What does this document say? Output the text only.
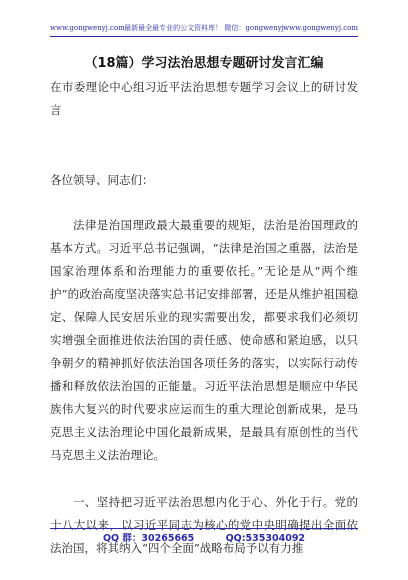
www.gongwenyj.com 最新最全最专业的公文资料库！ 微信：gongwenyj www.gongwenyj.com
（18篇）学习法治思想专题研讨发言汇编

在市委理论中心组习近平法治思想专题学习会议上的研讨发言

各位领导、同志们：

法律是治国理政最大最重要的规矩，法治是治国理政的基本方式。习近平总书记强调，“法律是治国之重器，法治是国家治理体系和治理能力的重要依托。”无论是从“两个维护”的政治高度坚决落实总书记安排部署，还是从维护祖国稳定、保障人民安居乐业的现实需要出发，都要求我们必须切实增强全面推进依法治国的责任感、使命感和紧迫感，以只争朝夕的精神抓好依法治国各项任务的落实，以实际行动传播和释放依法治国的正能量。习近平法治思想是顺应中华民族伟大复兴的时代要求应运而生的重大理论创新成果，是马克思主义法治理论中国化最新成果，是最具有原创性的当代马克思主义法治理论。

一、坚持把习近平法治思想内化于心、外化于行。党的十八大以来，以习近平同志为核心的党中央明确提出全面依法治国，将其纳入“四个全面”战略布局予以有力推

QQ 群：30265665	QQ:535304092
